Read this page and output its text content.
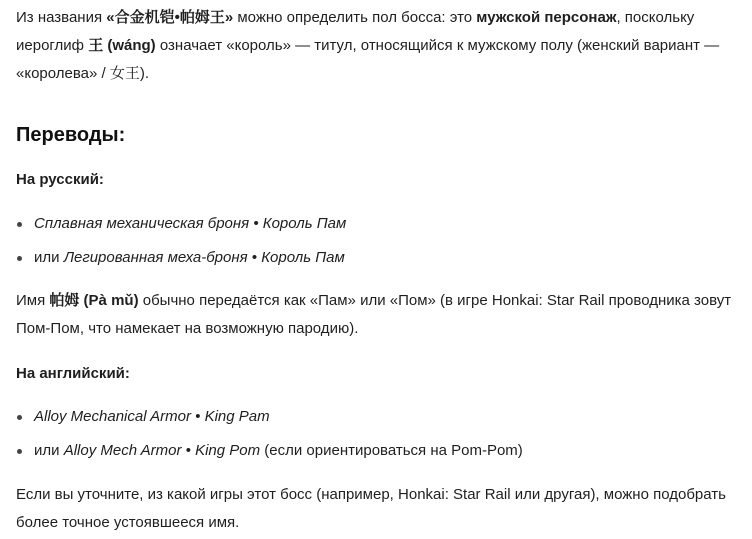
Из названия «合金机铠•帕姆王» можно определить пол босса: это мужской персонаж, поскольку иероглиф 王 (wáng) означает «король» — титул, относящийся к мужскому полу (женский вариант — «королева» / 女王).

Переводы:
На русский:
Сплавная механическая броня • Король Пам
или Легированная меха-броня • Король Пам

Имя 帕姆 (Pà mǔ) обычно передаётся как «Пам» или «Пом» (в игре Honkai: Star Rail проводника зовут Пом-Пом, что намекает на возможную пародию).

На английский:
Alloy Mechanical Armor • King Pam
или Alloy Mech Armor • King Pom (если ориентироваться на Pom-Pom)

Если вы уточните, из какой игры этот босс (например, Honkai: Star Rail или другая), можно подобрать более точное устоявшееся имя.
